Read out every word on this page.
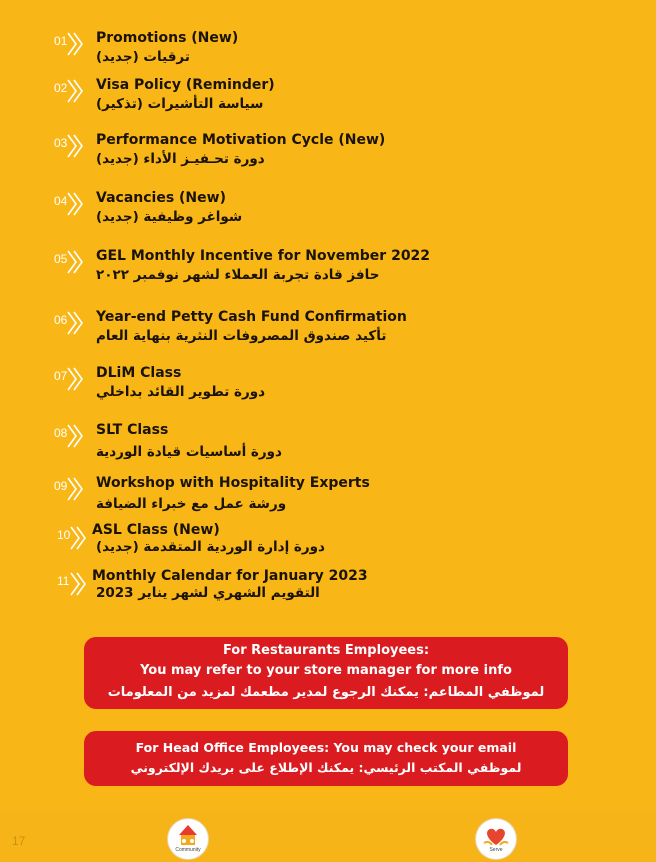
01 Promotions (New)
ترقيات (جديد)
02 Visa Policy (Reminder)
سياسة التأشيرات (تذكير)
03 Performance Motivation Cycle (New)
دورة تحـفيـز الأداء (جديد)
04 Vacancies (New)
شواغر وظيفية (جديد)
05 GEL Monthly Incentive for November 2022
حافز قادة تجربة العملاء لشهر نوفمبر ٢٠٢٢
06 Year-end Petty Cash Fund Confirmation
تأكيد صندوق المصروفات النثرية بنهاية العام
07 DLiM Class
دورة تطوير القائد بداخلي
08 SLT Class
دورة أساسيات قيادة الوردية
09 Workshop with Hospitality Experts
ورشة عمل مع خبراء الضيافة
10 ASL Class (New)
دورة إدارة الوردية المتقدمة (جديد)
11 Monthly Calendar for January 2023
التقويم الشهري لشهر يناير 2023
For Restaurants Employees:
You may refer to your store manager for more info
لموظفي المطاعم: يمكنك الرجوع لمدير مطعمك لمزيد من المعلومات
For Head Office Employees: You may check your email
لموظفي المكتب الرئيسي: يمكنك الإطلاع على بريدك الإلكتروني
17
Community	Serve
